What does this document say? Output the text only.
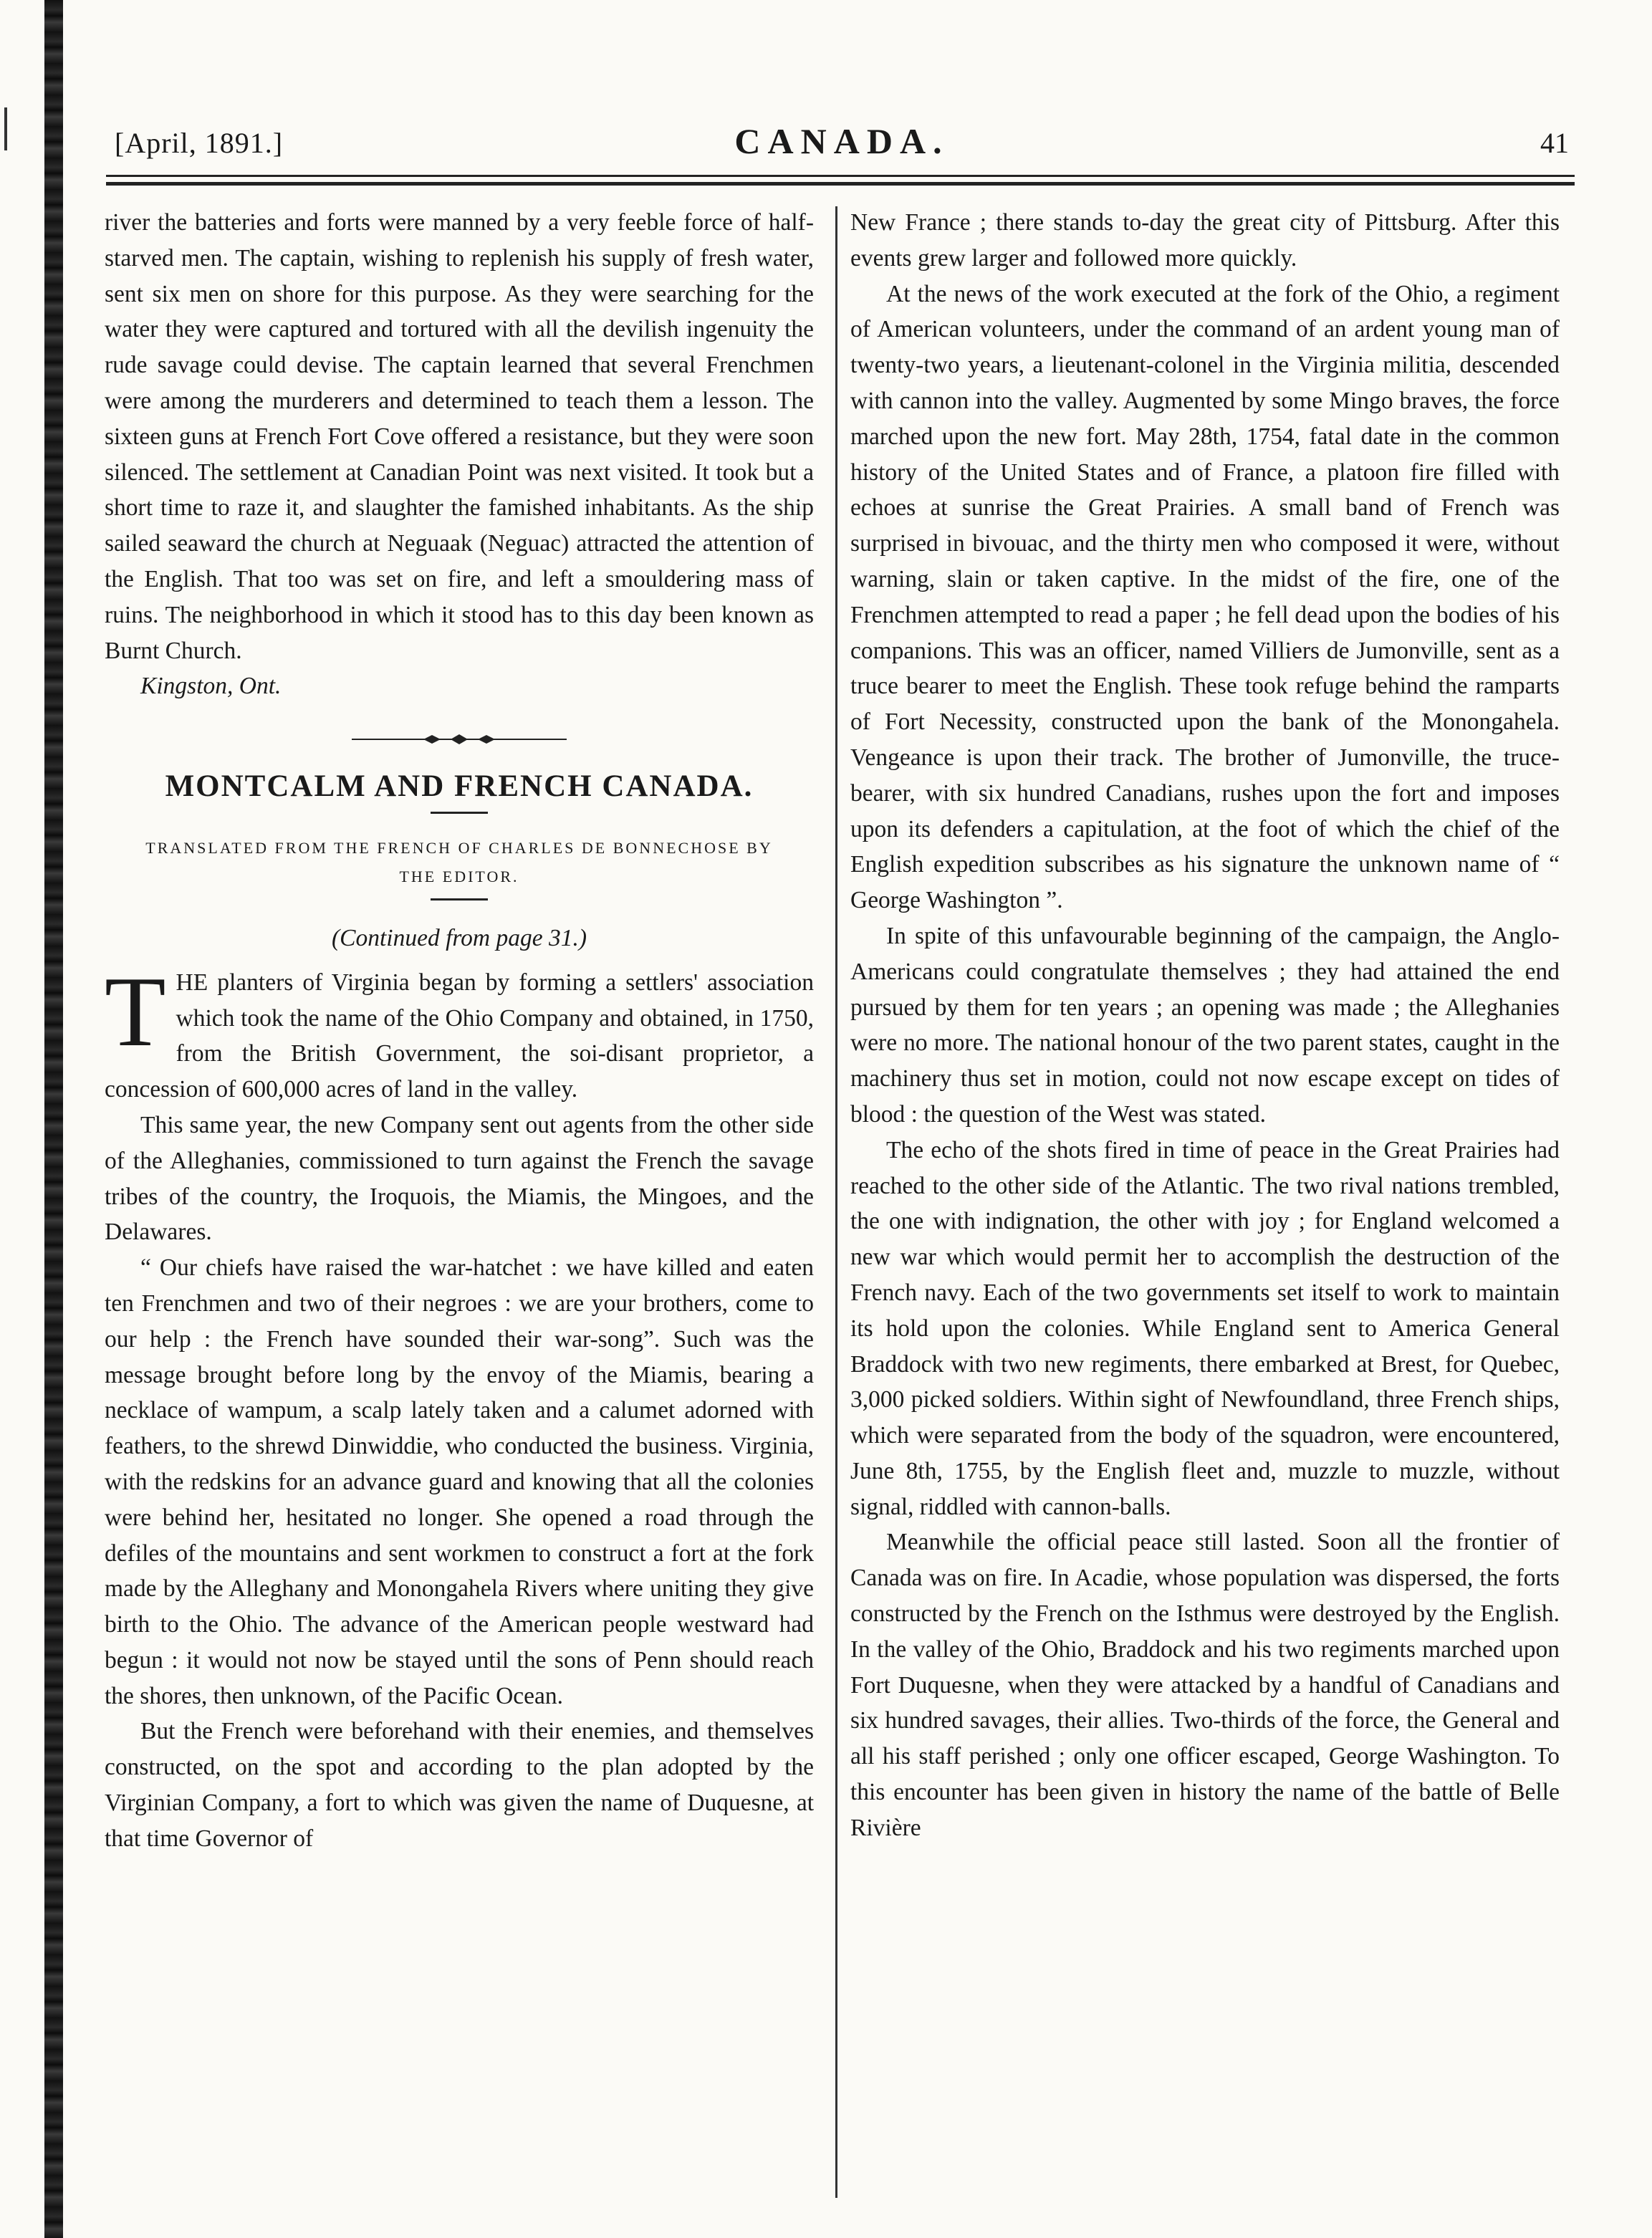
[April, 1891.]	CANADA.	41

river the batteries and forts were manned by a very feeble force of half-starved men. The captain, wishing to replenish his supply of fresh water, sent six men on shore for this purpose. As they were searching for the water they were captured and tortured with all the devilish ingenuity the rude savage could devise. The captain learned that several Frenchmen were among the murderers and determined to teach them a lesson. The sixteen guns at French Fort Cove offered a resistance, but they were soon silenced. The settlement at Canadian Point was next visited. It took but a short time to raze it, and slaughter the famished inhabitants. As the ship sailed seaward the church at Neguaak (Neguac) attracted the attention of the English. That too was set on fire, and left a smouldering mass of ruins. The neighborhood in which it stood has to this day been known as Burnt Church.

Kingston, Ont.

MONTCALM AND FRENCH CANADA.
TRANSLATED FROM THE FRENCH OF CHARLES DE BONNECHOSE BY THE EDITOR.
(Continued from page 31.)

THE planters of Virginia began by forming a settlers' association which took the name of the Ohio Company and obtained, in 1750, from the British Government, the soi-disant proprietor, a concession of 600,000 acres of land in the valley.

This same year, the new Company sent out agents from the other side of the Alleghanies, commissioned to turn against the French the savage tribes of the country, the Iroquois, the Miamis, the Mingoes, and the Delawares.

“ Our chiefs have raised the war-hatchet : we have killed and eaten ten Frenchmen and two of their negroes : we are your brothers, come to our help : the French have sounded their war-song”. Such was the message brought before long by the envoy of the Miamis, bearing a necklace of wampum, a scalp lately taken and a calumet adorned with feathers, to the shrewd Dinwiddie, who conducted the business. Virginia, with the redskins for an advance guard and knowing that all the colonies were behind her, hesitated no longer. She opened a road through the defiles of the mountains and sent workmen to construct a fort at the fork made by the Alleghany and Monongahela Rivers where uniting they give birth to the Ohio. The advance of the American people westward had begun : it would not now be stayed until the sons of Penn should reach the shores, then unknown, of the Pacific Ocean.

But the French were beforehand with their enemies, and themselves constructed, on the spot and according to the plan adopted by the Virginian Company, a fort to which was given the name of Duquesne, at that time Governor of

New France ; there stands to-day the great city of Pittsburg. After this events grew larger and followed more quickly.

At the news of the work executed at the fork of the Ohio, a regiment of American volunteers, under the command of an ardent young man of twenty-two years, a lieutenant-colonel in the Virginia militia, descended with cannon into the valley. Augmented by some Mingo braves, the force marched upon the new fort. May 28th, 1754, fatal date in the common history of the United States and of France, a platoon fire filled with echoes at sunrise the Great Prairies. A small band of French was surprised in bivouac, and the thirty men who composed it were, without warning, slain or taken captive. In the midst of the fire, one of the Frenchmen attempted to read a paper ; he fell dead upon the bodies of his companions. This was an officer, named Villiers de Jumonville, sent as a truce bearer to meet the English. These took refuge behind the ramparts of Fort Necessity, constructed upon the bank of the Monongahela. Vengeance is upon their track. The brother of Jumonville, the truce-bearer, with six hundred Canadians, rushes upon the fort and imposes upon its defenders a capitulation, at the foot of which the chief of the English expedition subscribes as his signature the unknown name of “ George Washington ”.

In spite of this unfavourable beginning of the campaign, the Anglo-Americans could congratulate themselves ; they had attained the end pursued by them for ten years ; an opening was made ; the Alleghanies were no more. The national honour of the two parent states, caught in the machinery thus set in motion, could not now escape except on tides of blood : the question of the West was stated.

The echo of the shots fired in time of peace in the Great Prairies had reached to the other side of the Atlantic. The two rival nations trembled, the one with indignation, the other with joy ; for England welcomed a new war which would permit her to accomplish the destruction of the French navy. Each of the two governments set itself to work to maintain its hold upon the colonies. While England sent to America General Braddock with two new regiments, there embarked at Brest, for Quebec, 3,000 picked soldiers. Within sight of Newfoundland, three French ships, which were separated from the body of the squadron, were encountered, June 8th, 1755, by the English fleet and, muzzle to muzzle, without signal, riddled with cannon-balls.

Meanwhile the official peace still lasted. Soon all the frontier of Canada was on fire. In Acadie, whose population was dispersed, the forts constructed by the French on the Isthmus were destroyed by the English. In the valley of the Ohio, Braddock and his two regiments marched upon Fort Duquesne, when they were attacked by a handful of Canadians and six hundred savages, their allies. Two-thirds of the force, the General and all his staff perished ; only one officer escaped, George Washington. To this encounter has been given in history the name of the battle of Belle Rivière
